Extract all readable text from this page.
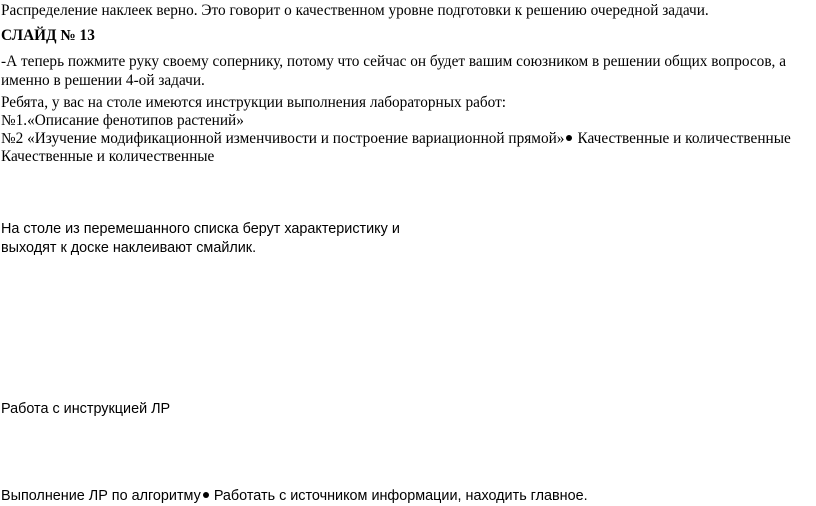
Распределение наклеек верно. Это говорит о качественном уровне подготовки к решению очередной задачи.
СЛАЙД № 13
-А теперь пожмите руку своему сопернику, потому что сейчас он будет вашим союзником в решении общих вопросов, а
именно в решении 4-ой задачи.
Ребята, у вас на столе имеются инструкции выполнения лабораторных работ:
№1.«Описание фенотипов растений»
№2 «Изучение модификационной изменчивости и построение вариационной прямой» Качественные и количественные
Качественные и количественные
На столе из перемешанного списка берут характеристику и
выходят к доске наклеивают смайлик.
Работа с инструкцией ЛР
Выполнение ЛР по алгоритму Работать с источником информации, находить главное.
